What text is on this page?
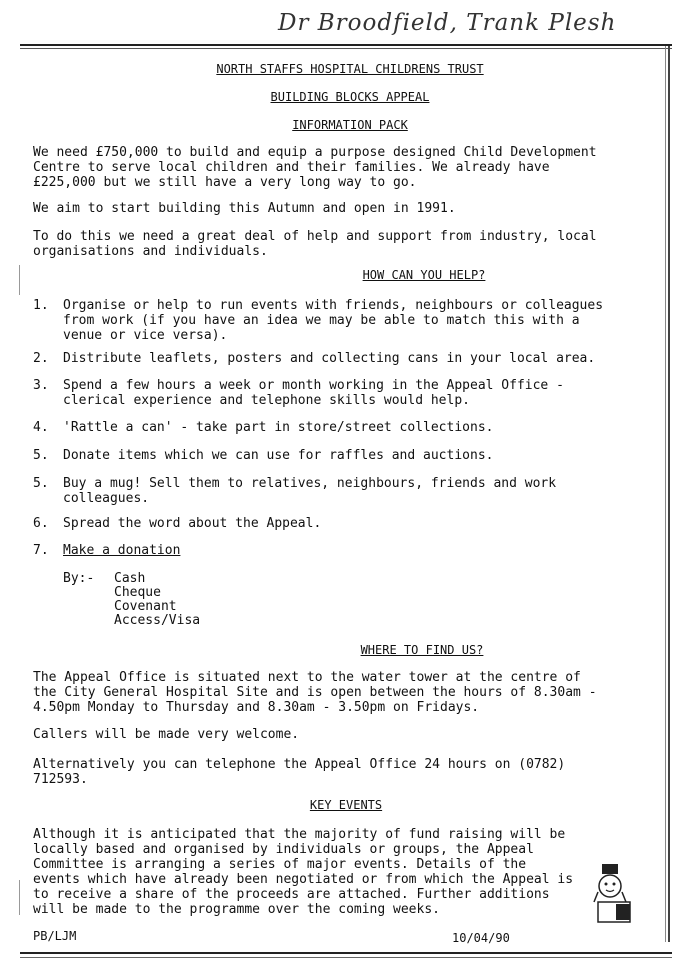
Dr Broodfield, Trank Plesh
NORTH STAFFS HOSPITAL CHILDRENS TRUST
BUILDING BLOCKS APPEAL
INFORMATION PACK
We need £750,000 to build and equip a purpose designed Child Development
Centre to serve local children and their families. We already have
£225,000 but we still have a very long way to go.
We aim to start building this Autumn and open in 1991.
To do this we need a great deal of help and support from industry, local
organisations and individuals.
HOW CAN YOU HELP?
1. Organise or help to run events with friends, neighbours or colleagues
from work (if you have an idea we may be able to match this with a
venue or vice versa).
2. Distribute leaflets, posters and collecting cans in your local area.
3. Spend a few hours a week or month working in the Appeal Office -
clerical experience and telephone skills would help.
4. 'Rattle a can' - take part in store/street collections.
5. Donate items which we can use for raffles and auctions.
5. Buy a mug! Sell them to relatives, neighbours, friends and work
colleagues.
6. Spread the word about the Appeal.
7. Make a donation
By:- Cash
Cheque
Covenant
Access/Visa
WHERE TO FIND US?
The Appeal Office is situated next to the water tower at the centre of
the City General Hospital Site and is open between the hours of 8.30am -
4.50pm Monday to Thursday and 8.30am - 3.50pm on Fridays.
Callers will be made very welcome.
Alternatively you can telephone the Appeal Office 24 hours on (0782)
712593.
KEY EVENTS
Although it is anticipated that the majority of fund raising will be
locally based and organised by individuals or groups, the Appeal
Committee is arranging a series of major events. Details of the
events which have already been negotiated or from which the Appeal is
to receive a share of the proceeds are attached. Further additions
will be made to the programme over the coming weeks.
PB/LJM	10/04/90
